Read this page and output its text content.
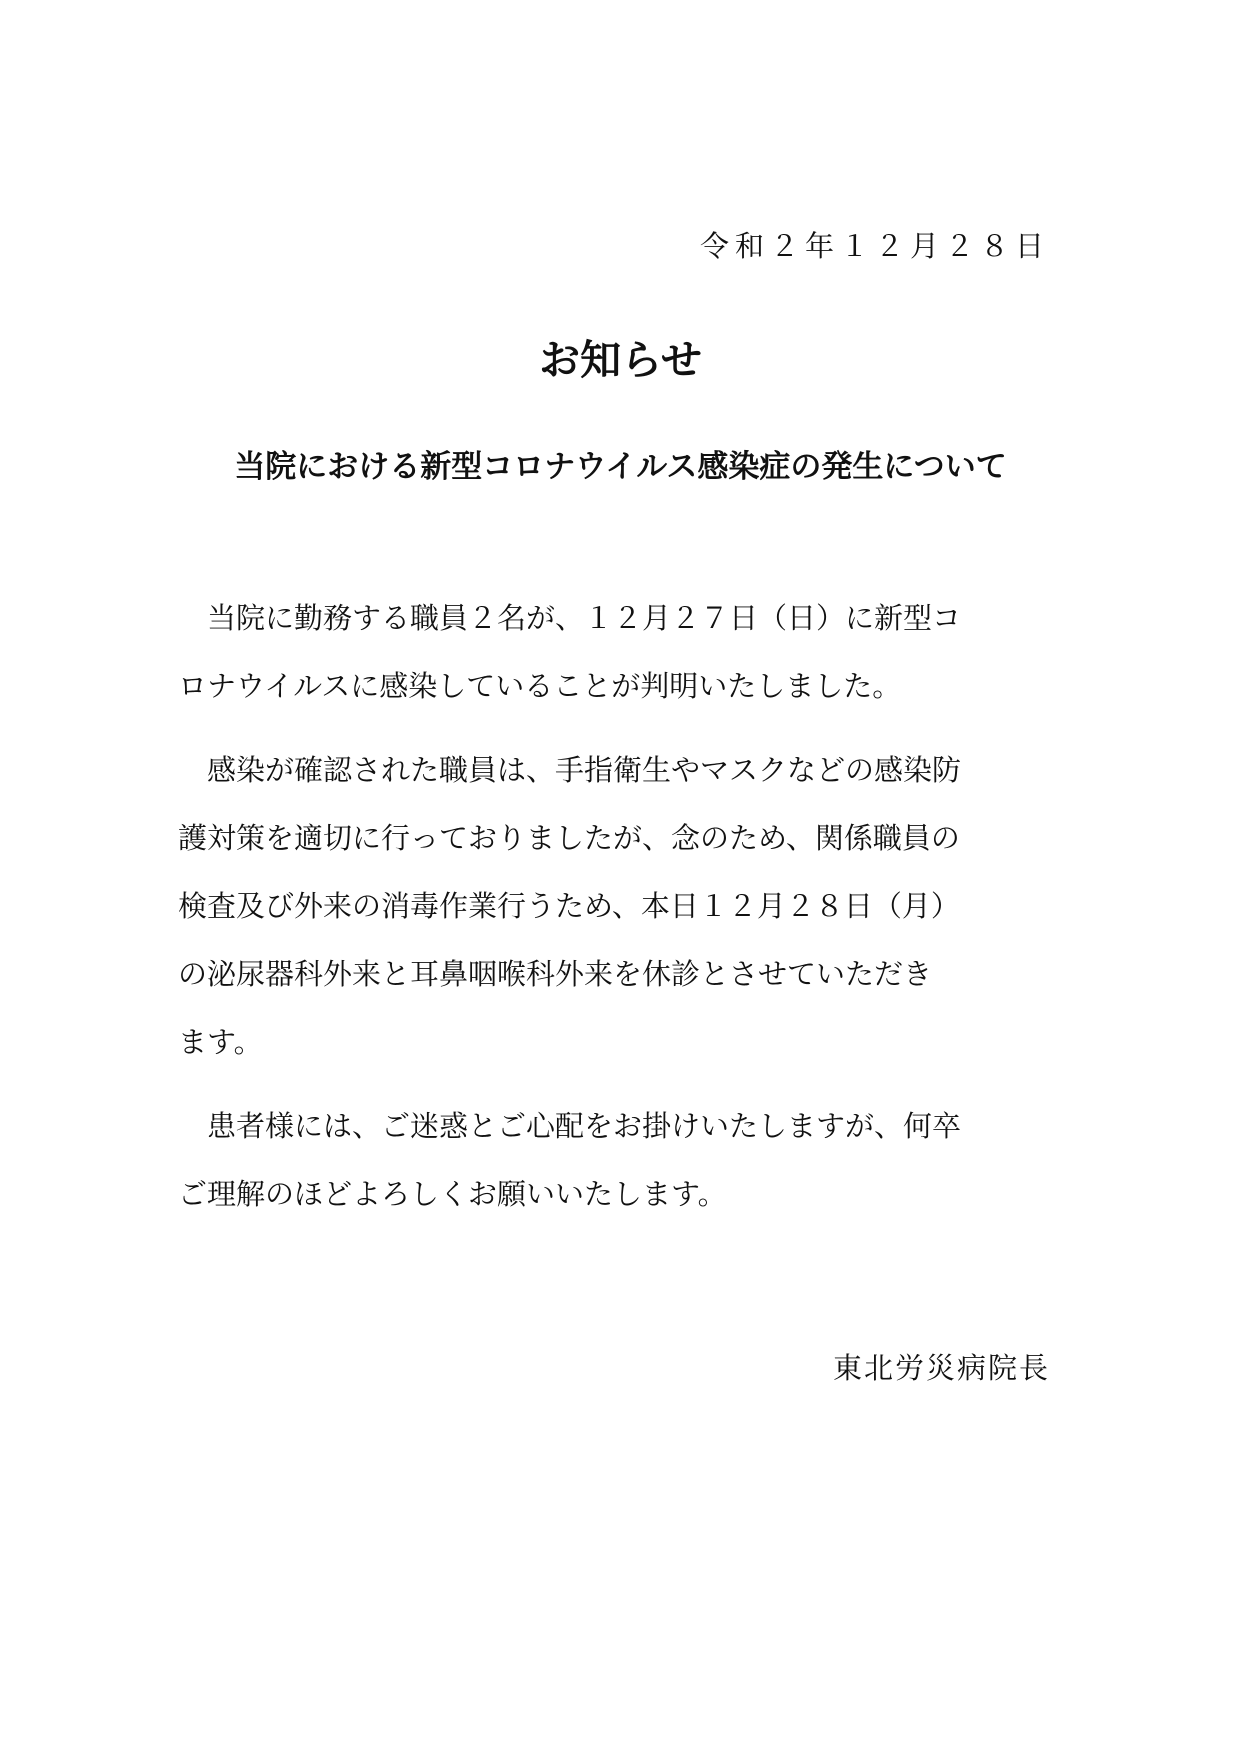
令和２年１２月２８日
お知らせ
当院における新型コロナウイルス感染症の発生について
　当院に勤務する職員２名が、１２月２７日（日）に新型コ
ロナウイルスに感染していることが判明いたしました。
　感染が確認された職員は、手指衛生やマスクなどの感染防
護対策を適切に行っておりましたが、念のため、関係職員の
検査及び外来の消毒作業行うため、本日１２月２８日（月）
の泌尿器科外来と耳鼻咽喉科外来を休診とさせていただき
ます。
　患者様には、ご迷惑とご心配をお掛けいたしますが、何卒
ご理解のほどよろしくお願いいたします。
東北労災病院長
